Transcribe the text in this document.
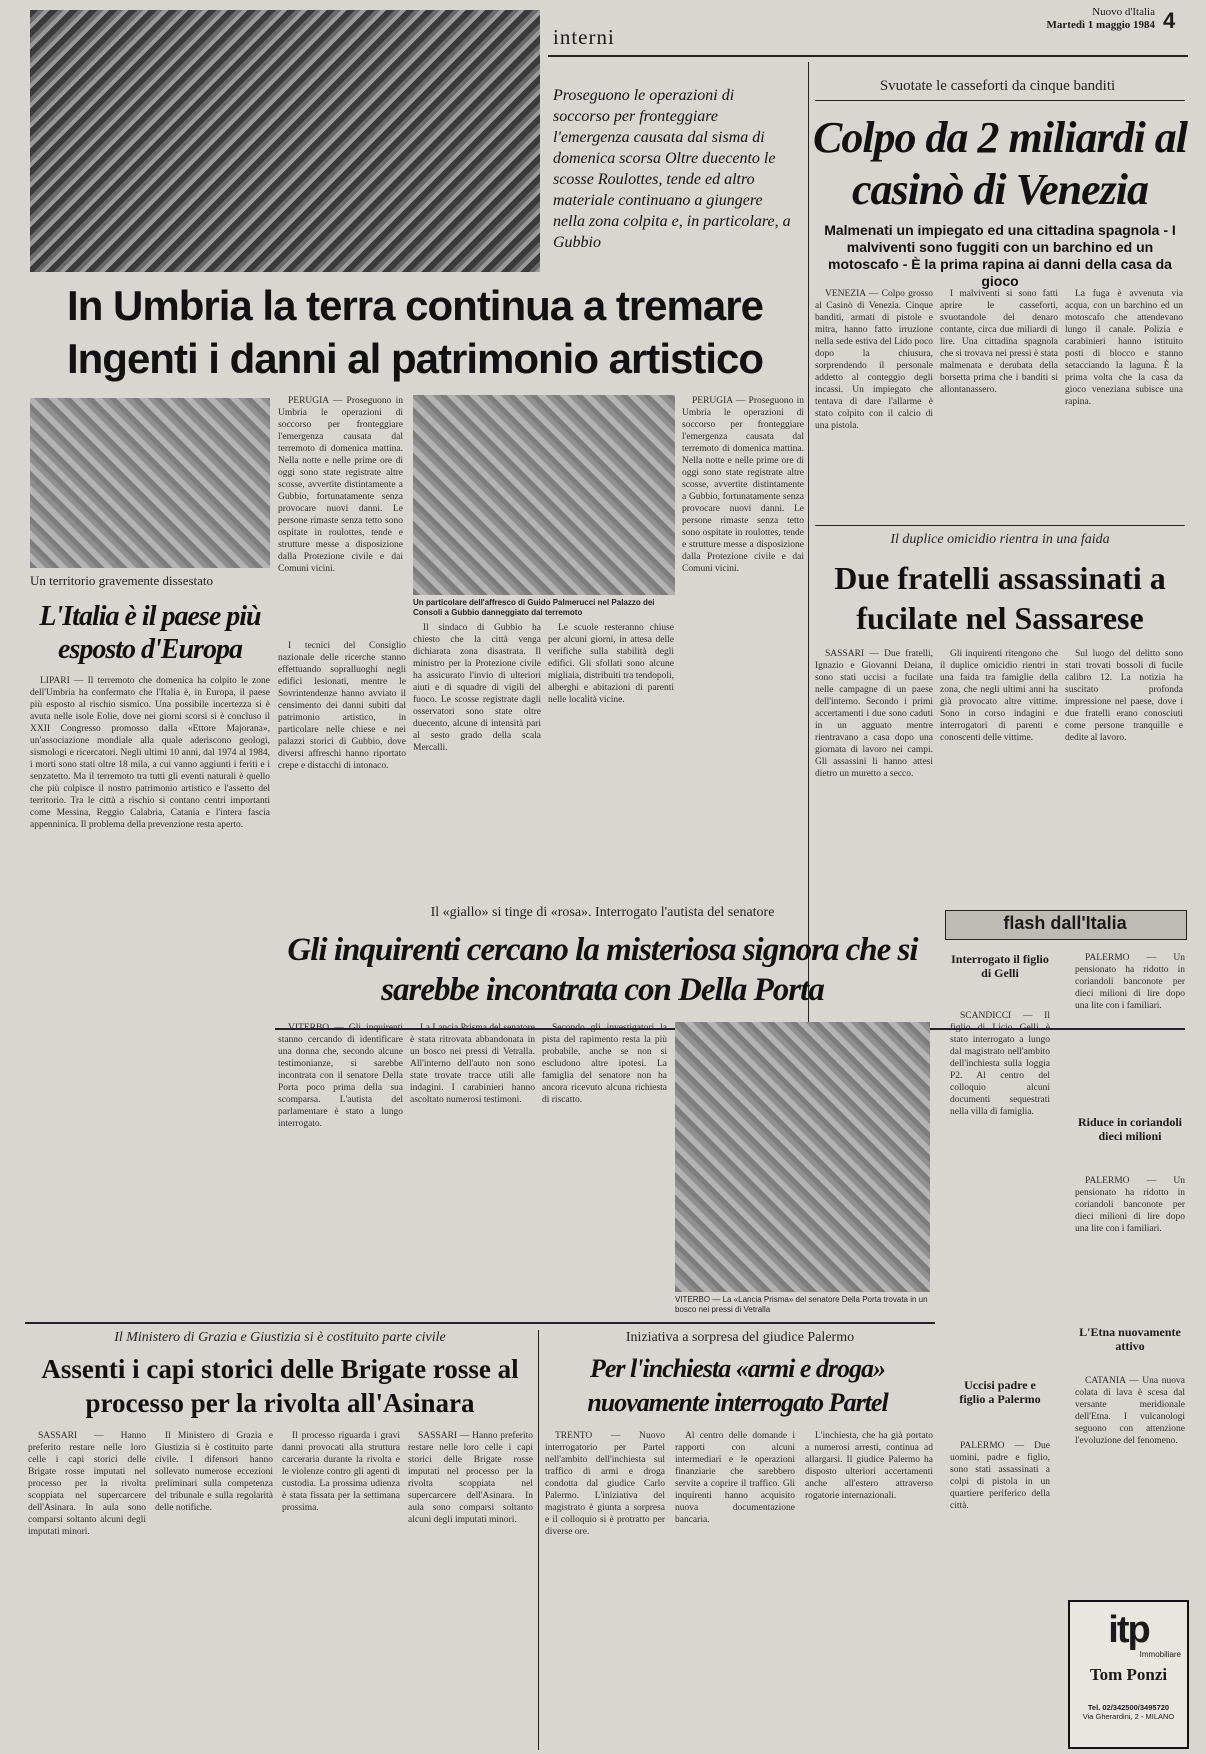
Nuovo d'Italia
Martedì 1 maggio 1984 4
interni
Proseguono le operazioni di soccorso per fronteggiare l'emergenza causata dal sisma di domenica scorsa Oltre duecento le scosse Roulottes, tende ed altro materiale continuano a giungere nella zona colpita e, in particolare, a Gubbio
In Umbria la terra continua a tremare
Ingenti i danni al patrimonio artistico
Un territorio gravemente dissestato
L'Italia è il paese più esposto d'Europa

LIPARI — Il terremoto che domenica ha colpito le zone dell'Umbria ha confermato che l'Italia è, in Europa, il paese più esposto al rischio sismico. Una possibile incertezza si è avuta nelle isole Eolie, dove nei giorni scorsi si è concluso il XXII Congresso promosso dalla «Ettore Majorana», un'associazione mondiale alla quale aderiscono geologi, sismologi e ricercatori. Negli ultimi 10 anni, dal 1974 al 1984, i morti sono stati oltre 18 mila, a cui vanno aggiunti i feriti e i senzatetto. Ma il terremoto tra tutti gli eventi naturali è quello che più colpisce il nostro patrimonio artistico e l'assetto del territorio. Tra le città a rischio si contano centri importanti come Messina, Reggio Calabria, Catania e l'intera fascia appenninica. Il problema della prevenzione resta aperto.

PERUGIA — Proseguono in Umbria le operazioni di soccorso per fronteggiare l'emergenza causata dal terremoto di domenica mattina. Nella notte e nelle prime ore di oggi sono state registrate altre scosse, avvertite distintamente a Gubbio, fortunatamente senza provocare nuovi danni. Le persone rimaste senza tetto sono ospitate in roulottes, tende e strutture messe a disposizione dalla Protezione civile e dai Comuni vicini.

Un particolare dell'affresco di Guido Palmerucci nel Palazzo dei Consoli a Gubbio danneggiato dal terremoto

I tecnici del Consiglio nazionale delle ricerche stanno effettuando sopralluoghi negli edifici lesionati, mentre le Sovrintendenze hanno avviato il censimento dei danni subiti dal patrimonio artistico, in particolare nelle chiese e nei palazzi storici di Gubbio, dove diversi affreschi hanno riportato crepe e distacchi di intonaco.

Il sindaco di Gubbio ha chiesto che la città venga dichiarata zona disastrata. Il ministro per la Protezione civile ha assicurato l'invio di ulteriori aiuti e di squadre di vigili del fuoco. Le scosse registrate dagli osservatori sono state oltre duecento, alcune di intensità pari al sesto grado della scala Mercalli.

Le scuole resteranno chiuse per alcuni giorni, in attesa delle verifiche sulla stabilità degli edifici. Gli sfollati sono alcune migliaia, distribuiti tra tendopoli, alberghi e abitazioni di parenti nelle località vicine.

PERUGIA — Proseguono in Umbria le operazioni di soccorso per fronteggiare l'emergenza causata dal terremoto di domenica mattina. Nella notte e nelle prime ore di oggi sono state registrate altre scosse, avvertite distintamente a Gubbio, fortunatamente senza provocare nuovi danni. Le persone rimaste senza tetto sono ospitate in roulottes, tende e strutture messe a disposizione dalla Protezione civile e dai Comuni vicini.

Svuotate le casseforti da cinque banditi
Colpo da 2 miliardi al casinò di Venezia
Malmenati un impiegato ed una cittadina spagnola - I malviventi sono fuggiti con un barchino ed un motoscafo - È la prima rapina ai danni della casa da gioco

VENEZIA — Colpo grosso al Casinò di Venezia. Cinque banditi, armati di pistole e mitra, hanno fatto irruzione nella sede estiva del Lido poco dopo la chiusura, sorprendendo il personale addetto al conteggio degli incassi. Un impiegato che tentava di dare l'allarme è stato colpito con il calcio di una pistola.

I malviventi si sono fatti aprire le casseforti, svuotandole del denaro contante, circa due miliardi di lire. Una cittadina spagnola che si trovava nei pressi è stata malmenata e derubata della borsetta prima che i banditi si allontanassero.

La fuga è avvenuta via acqua, con un barchino ed un motoscafo che attendevano lungo il canale. Polizia e carabinieri hanno istituito posti di blocco e stanno setacciando la laguna. È la prima volta che la casa da gioco veneziana subisce una rapina.

Il duplice omicidio rientra in una faida
Due fratelli assassinati a fucilate nel Sassarese

SASSARI — Due fratelli, Ignazio e Giovanni Deiana, sono stati uccisi a fucilate nelle campagne di un paese dell'interno. Secondo i primi accertamenti i due sono caduti in un agguato mentre rientravano a casa dopo una giornata di lavoro nei campi. Gli assassini li hanno attesi dietro un muretto a secco.

Gli inquirenti ritengono che il duplice omicidio rientri in una faida tra famiglie della zona, che negli ultimi anni ha già provocato altre vittime. Sono in corso indagini e interrogatori di parenti e conoscenti delle vittime.

Sul luogo del delitto sono stati trovati bossoli di fucile calibro 12. La notizia ha suscitato profonda impressione nel paese, dove i due fratelli erano conosciuti come persone tranquille e dedite al lavoro.

Il «giallo» si tinge di «rosa». Interrogato l'autista del senatore
Gli inquirenti cercano la misteriosa signora che si sarebbe incontrata con Della Porta

VITERBO — Gli inquirenti stanno cercando di identificare una donna che, secondo alcune testimonianze, si sarebbe incontrata con il senatore Della Porta poco prima della sua scomparsa. L'autista del parlamentare è stato a lungo interrogato.

La Lancia Prisma del senatore è stata ritrovata abbandonata in un bosco nei pressi di Vetralla. All'interno dell'auto non sono state trovate tracce utili alle indagini. I carabinieri hanno ascoltato numerosi testimoni.

Secondo gli investigatori la pista del rapimento resta la più probabile, anche se non si escludono altre ipotesi. La famiglia del senatore non ha ancora ricevuto alcuna richiesta di riscatto.

VITERBO — La «Lancia Prisma» del senatore Della Porta trovata in un bosco nei pressi di Vetralla
flash dall'Italia
Interrogato il figlio di Gelli

SCANDICCI — Il figlio di Licio Gelli è stato interrogato a lungo dal magistrato nell'ambito dell'inchiesta sulla loggia P2. Al centro del colloquio alcuni documenti sequestrati nella villa di famiglia.

PALERMO — Un pensionato ha ridotto in coriandoli banconote per dieci milioni di lire dopo una lite con i familiari.

Riduce in coriandoli dieci milioni

PALERMO — Un pensionato ha ridotto in coriandoli banconote per dieci milioni di lire dopo una lite con i familiari.

L'Etna nuovamente attivo

CATANIA — Una nuova colata di lava è scesa dal versante meridionale dell'Etna. I vulcanologi seguono con attenzione l'evoluzione del fenomeno.

Uccisi padre e figlio a Palermo

PALERMO — Due uomini, padre e figlio, sono stati assassinati a colpi di pistola in un quartiere periferico della città.

Il Ministero di Grazia e Giustizia si è costituito parte civile
Assenti i capi storici delle Brigate rosse al processo per la rivolta all'Asinara

SASSARI — Hanno preferito restare nelle loro celle i capi storici delle Brigate rosse imputati nel processo per la rivolta scoppiata nel supercarcere dell'Asinara. In aula sono comparsi soltanto alcuni degli imputati minori.

Il Ministero di Grazia e Giustizia si è costituito parte civile. I difensori hanno sollevato numerose eccezioni preliminari sulla competenza del tribunale e sulla regolarità delle notifiche.

Il processo riguarda i gravi danni provocati alla struttura carceraria durante la rivolta e le violenze contro gli agenti di custodia. La prossima udienza è stata fissata per la settimana prossima.

SASSARI — Hanno preferito restare nelle loro celle i capi storici delle Brigate rosse imputati nel processo per la rivolta scoppiata nel supercarcere dell'Asinara. In aula sono comparsi soltanto alcuni degli imputati minori.

Iniziativa a sorpresa del giudice Palermo
Per l'inchiesta «armi e droga» nuovamente interrogato Partel

TRENTO — Nuovo interrogatorio per Partel nell'ambito dell'inchiesta sul traffico di armi e droga condotta dal giudice Carlo Palermo. L'iniziativa del magistrato è giunta a sorpresa e il colloquio si è protratto per diverse ore.

Al centro delle domande i rapporti con alcuni intermediari e le operazioni finanziarie che sarebbero servite a coprire il traffico. Gli inquirenti hanno acquisito nuova documentazione bancaria.

L'inchiesta, che ha già portato a numerosi arresti, continua ad allargarsi. Il giudice Palermo ha disposto ulteriori accertamenti anche all'estero attraverso rogatorie internazionali.

itp
Immobiliare
Tom Ponzi
Tel. 02/342500/3495720
Via Gherardini, 2 - MILANO
